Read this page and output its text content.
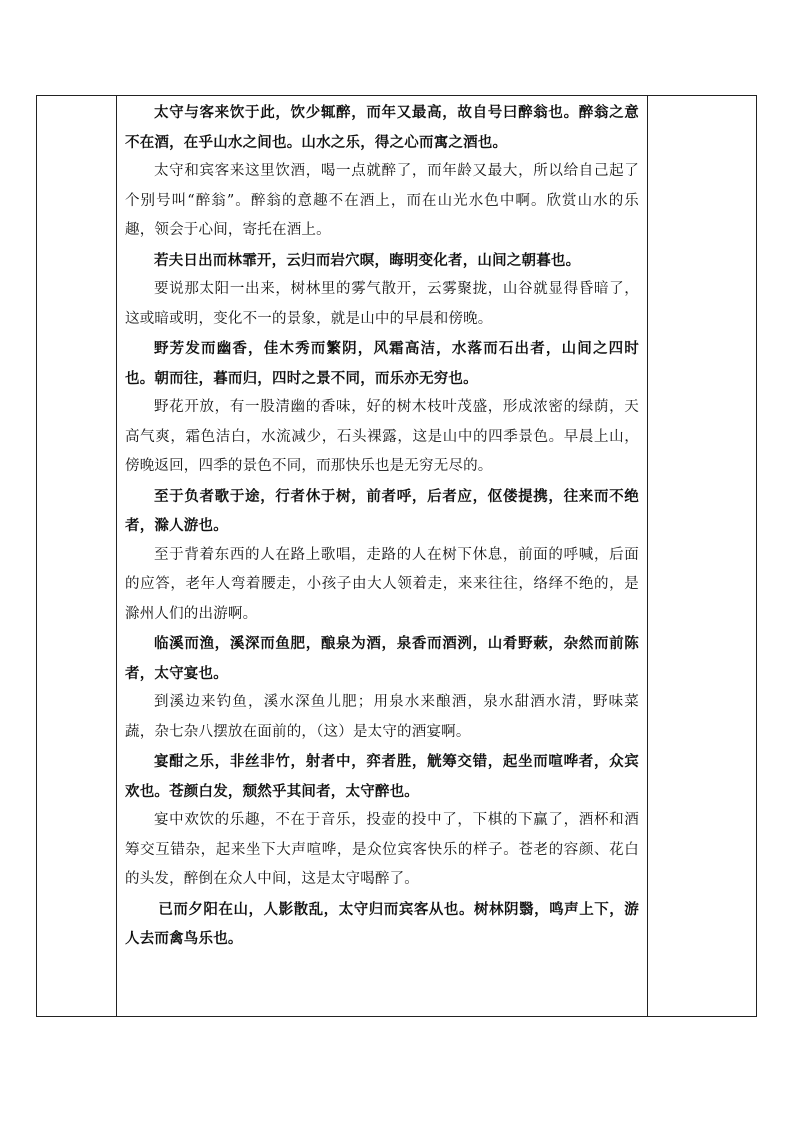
太守与客来饮于此，饮少辄醉，而年又最高，故自号曰醉翁也。醉翁之意不在酒，在乎山水之间也。山水之乐，得之心而寓之酒也。

太守和宾客来这里饮酒，喝一点就醉了，而年龄又最大，所以给自己起了个别号叫“醉翁”。醉翁的意趣不在酒上，而在山光水色中啊。欣赏山水的乐趣，领会于心间，寄托在酒上。

若夫日出而林霏开，云归而岩穴暝，晦明变化者，山间之朝暮也。

要说那太阳一出来，树林里的雾气散开，云雾聚拢，山谷就显得昏暗了，这或暗或明，变化不一的景象，就是山中的早晨和傍晚。

野芳发而幽香，佳木秀而繁阴，风霜高洁，水落而石出者，山间之四时也。朝而往，暮而归，四时之景不同，而乐亦无穷也。

野花开放，有一股清幽的香味，好的树木枝叶茂盛，形成浓密的绿荫，天高气爽，霜色洁白，水流减少，石头裸露，这是山中的四季景色。早晨上山，傍晚返回，四季的景色不同，而那快乐也是无穷无尽的。

至于负者歌于途，行者休于树，前者呼，后者应，伛偻提携，往来而不绝者，滁人游也。

至于背着东西的人在路上歌唱，走路的人在树下休息，前面的呼喊，后面的应答，老年人弯着腰走，小孩子由大人领着走，来来往往，络绎不绝的，是滁州人们的出游啊。

临溪而渔，溪深而鱼肥，酿泉为酒，泉香而酒洌，山肴野蔌，杂然而前陈者，太守宴也。

到溪边来钓鱼，溪水深鱼儿肥；用泉水来酿酒，泉水甜酒水清，野味菜蔬，杂七杂八摆放在面前的，（这）是太守的酒宴啊。

宴酣之乐，非丝非竹，射者中，弈者胜，觥筹交错，起坐而喧哗者，众宾欢也。苍颜白发，颓然乎其间者，太守醉也。

宴中欢饮的乐趣，不在于音乐，投壶的投中了，下棋的下赢了，酒杯和酒筹交互错杂，起来坐下大声喧哗，是众位宾客快乐的样子。苍老的容颜、花白的头发，醉倒在众人中间，这是太守喝醉了。

已而夕阳在山，人影散乱，太守归而宾客从也。树林阴翳，鸣声上下，游人去而禽鸟乐也。
